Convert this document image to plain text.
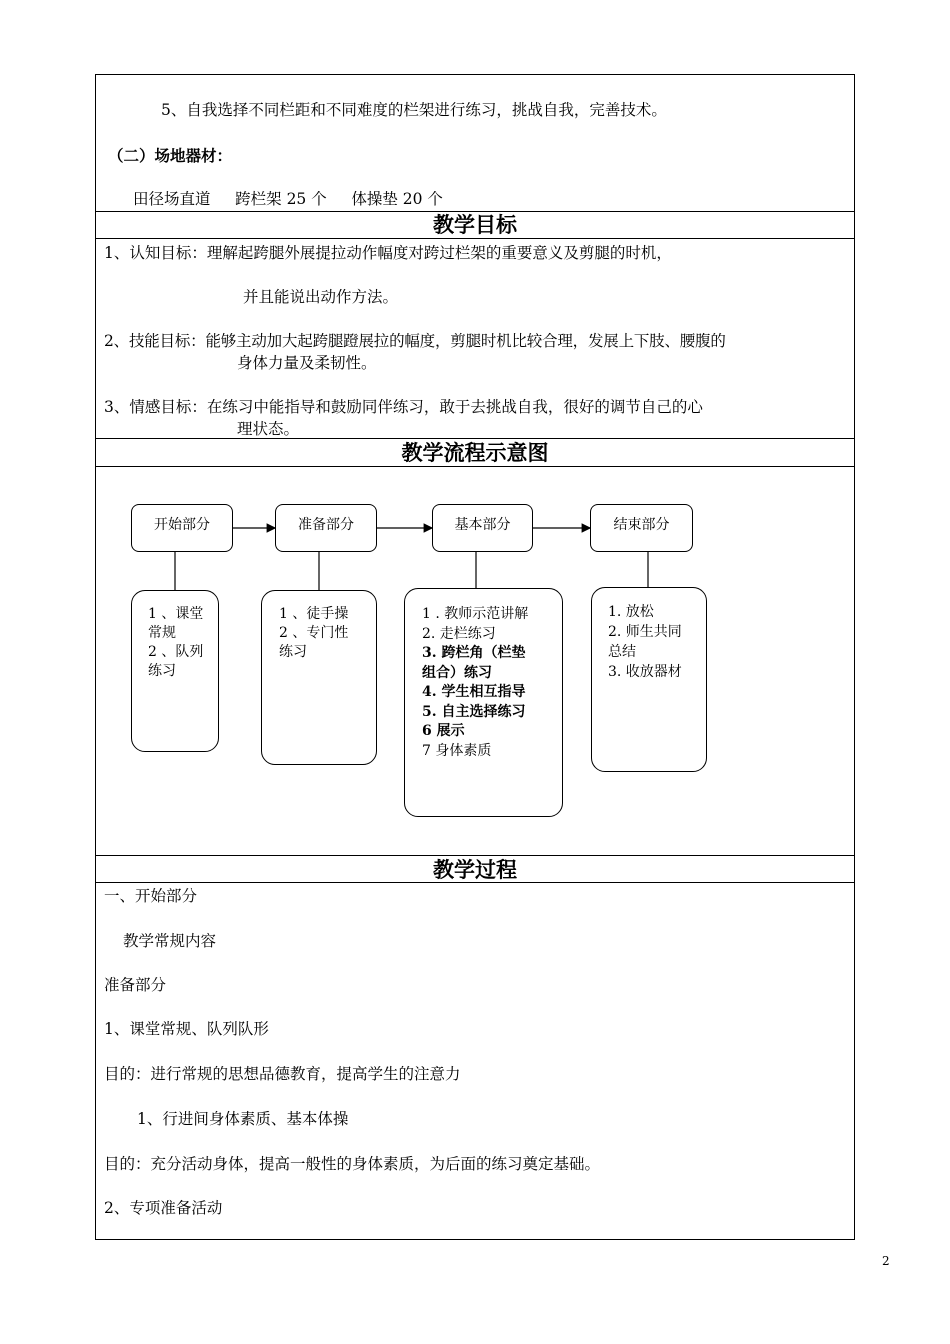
5、自我选择不同栏距和不同难度的栏架进行练习，挑战自我，完善技术。
（二）场地器材：
田径场直道     跨栏架 25 个     体操垫 20 个
教学目标
1、认知目标：理解起跨腿外展提拉动作幅度对跨过栏架的重要意义及剪腿的时机，
并且能说出动作方法。
2、技能目标：能够主动加大起跨腿蹬展拉的幅度，剪腿时机比较合理，发展上下肢、腰腹的
身体力量及柔韧性。
3、情感目标：在练习中能指导和鼓励同伴练习，敢于去挑战自我，很好的调节自己的心
理状态。
教学流程示意图
开始部分	准备部分	基本部分	结束部分
1 、课堂
常规
2 、队列
练习
1 、徒手操
2 、专门性
练习
1 . 教师示范讲解
2. 走栏练习
3. 跨栏角（栏垫
组合）练习
4. 学生相互指导
5. 自主选择练习
6 展示
7 身体素质
1. 放松
2. 师生共同
总结
3. 收放器材
教学过程
一、开始部分
教学常规内容
准备部分
1、课堂常规、队列队形
目的：进行常规的思想品德教育，提高学生的注意力
1、行进间身体素质、基本体操
目的：充分活动身体，提高一般性的身体素质，为后面的练习奠定基础。
2、专项准备活动
2
